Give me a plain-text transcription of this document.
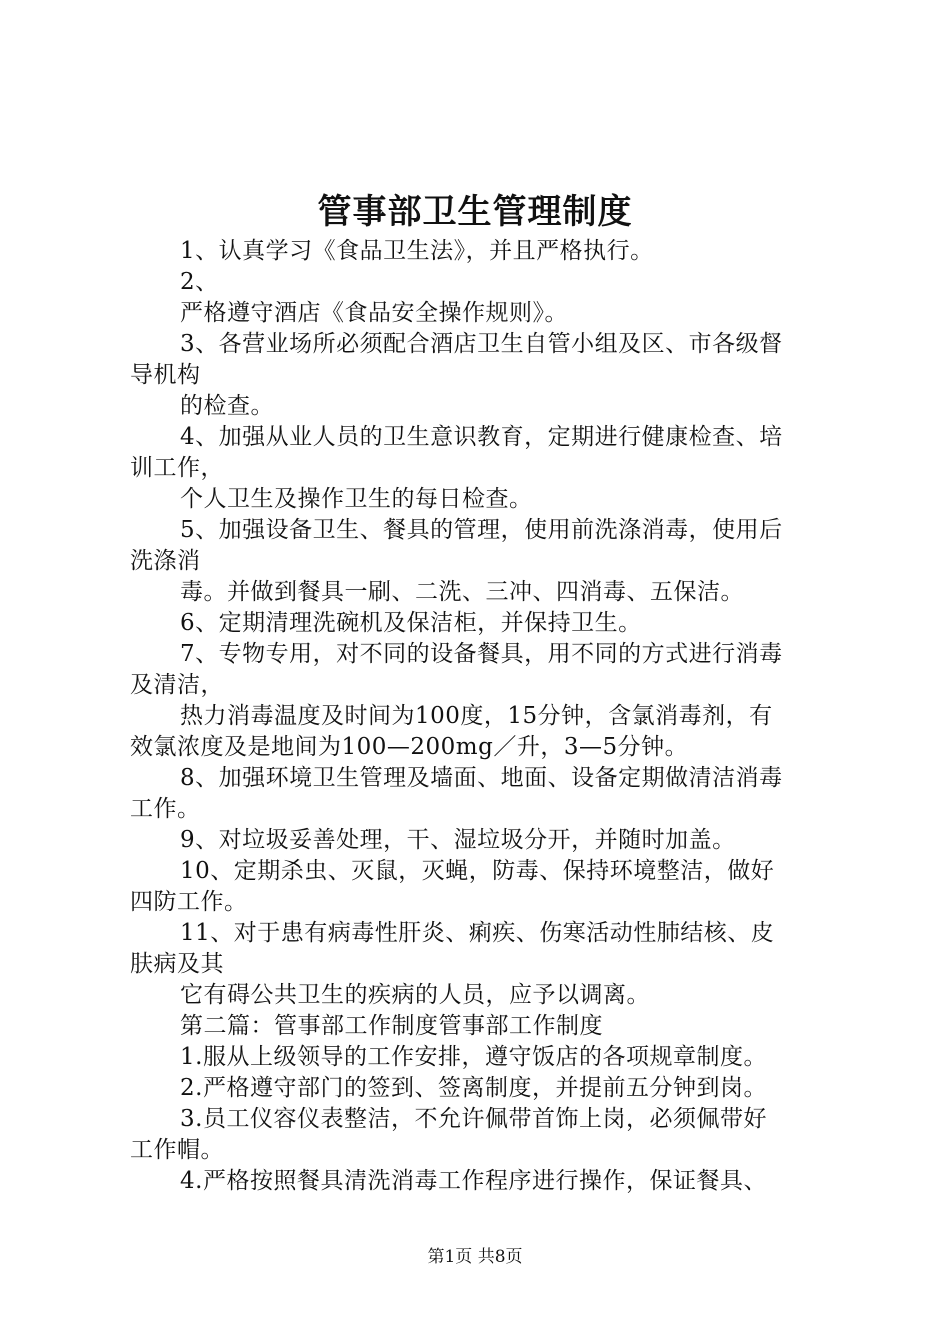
管事部卫生管理制度
1、认真学习《食品卫生法》，并且严格执行。
2、
严格遵守酒店《食品安全操作规则》。
3、各营业场所必须配合酒店卫生自管小组及区、市各级督
导机构
的检查。
4、加强从业人员的卫生意识教育，定期进行健康检查、培
训工作，
个人卫生及操作卫生的每日检查。
5、加强设备卫生、餐具的管理，使用前洗涤消毒，使用后
洗涤消
毒。并做到餐具一刷、二洗、三冲、四消毒、五保洁。
6、定期清理洗碗机及保洁柜，并保持卫生。
7、专物专用，对不同的设备餐具，用不同的方式进行消毒
及清洁，
热力消毒温度及时间为100度，15分钟，含氯消毒剂，有
效氯浓度及是地间为100—200mg／升，3—5分钟。
8、加强环境卫生管理及墙面、地面、设备定期做清洁消毒
工作。
9、对垃圾妥善处理，干、湿垃圾分开，并随时加盖。
10、定期杀虫、灭鼠，灭蝇，防毒、保持环境整洁，做好
四防工作。
11、对于患有病毒性肝炎、痢疾、伤寒活动性肺结核、皮
肤病及其
它有碍公共卫生的疾病的人员，应予以调离。
第二篇：管事部工作制度管事部工作制度
1.服从上级领导的工作安排，遵守饭店的各项规章制度。
2.严格遵守部门的签到、签离制度，并提前五分钟到岗。
3.员工仪容仪表整洁，不允许佩带首饰上岗，必须佩带好
工作帽。
4.严格按照餐具清洗消毒工作程序进行操作，保证餐具、
第1页 共8页
